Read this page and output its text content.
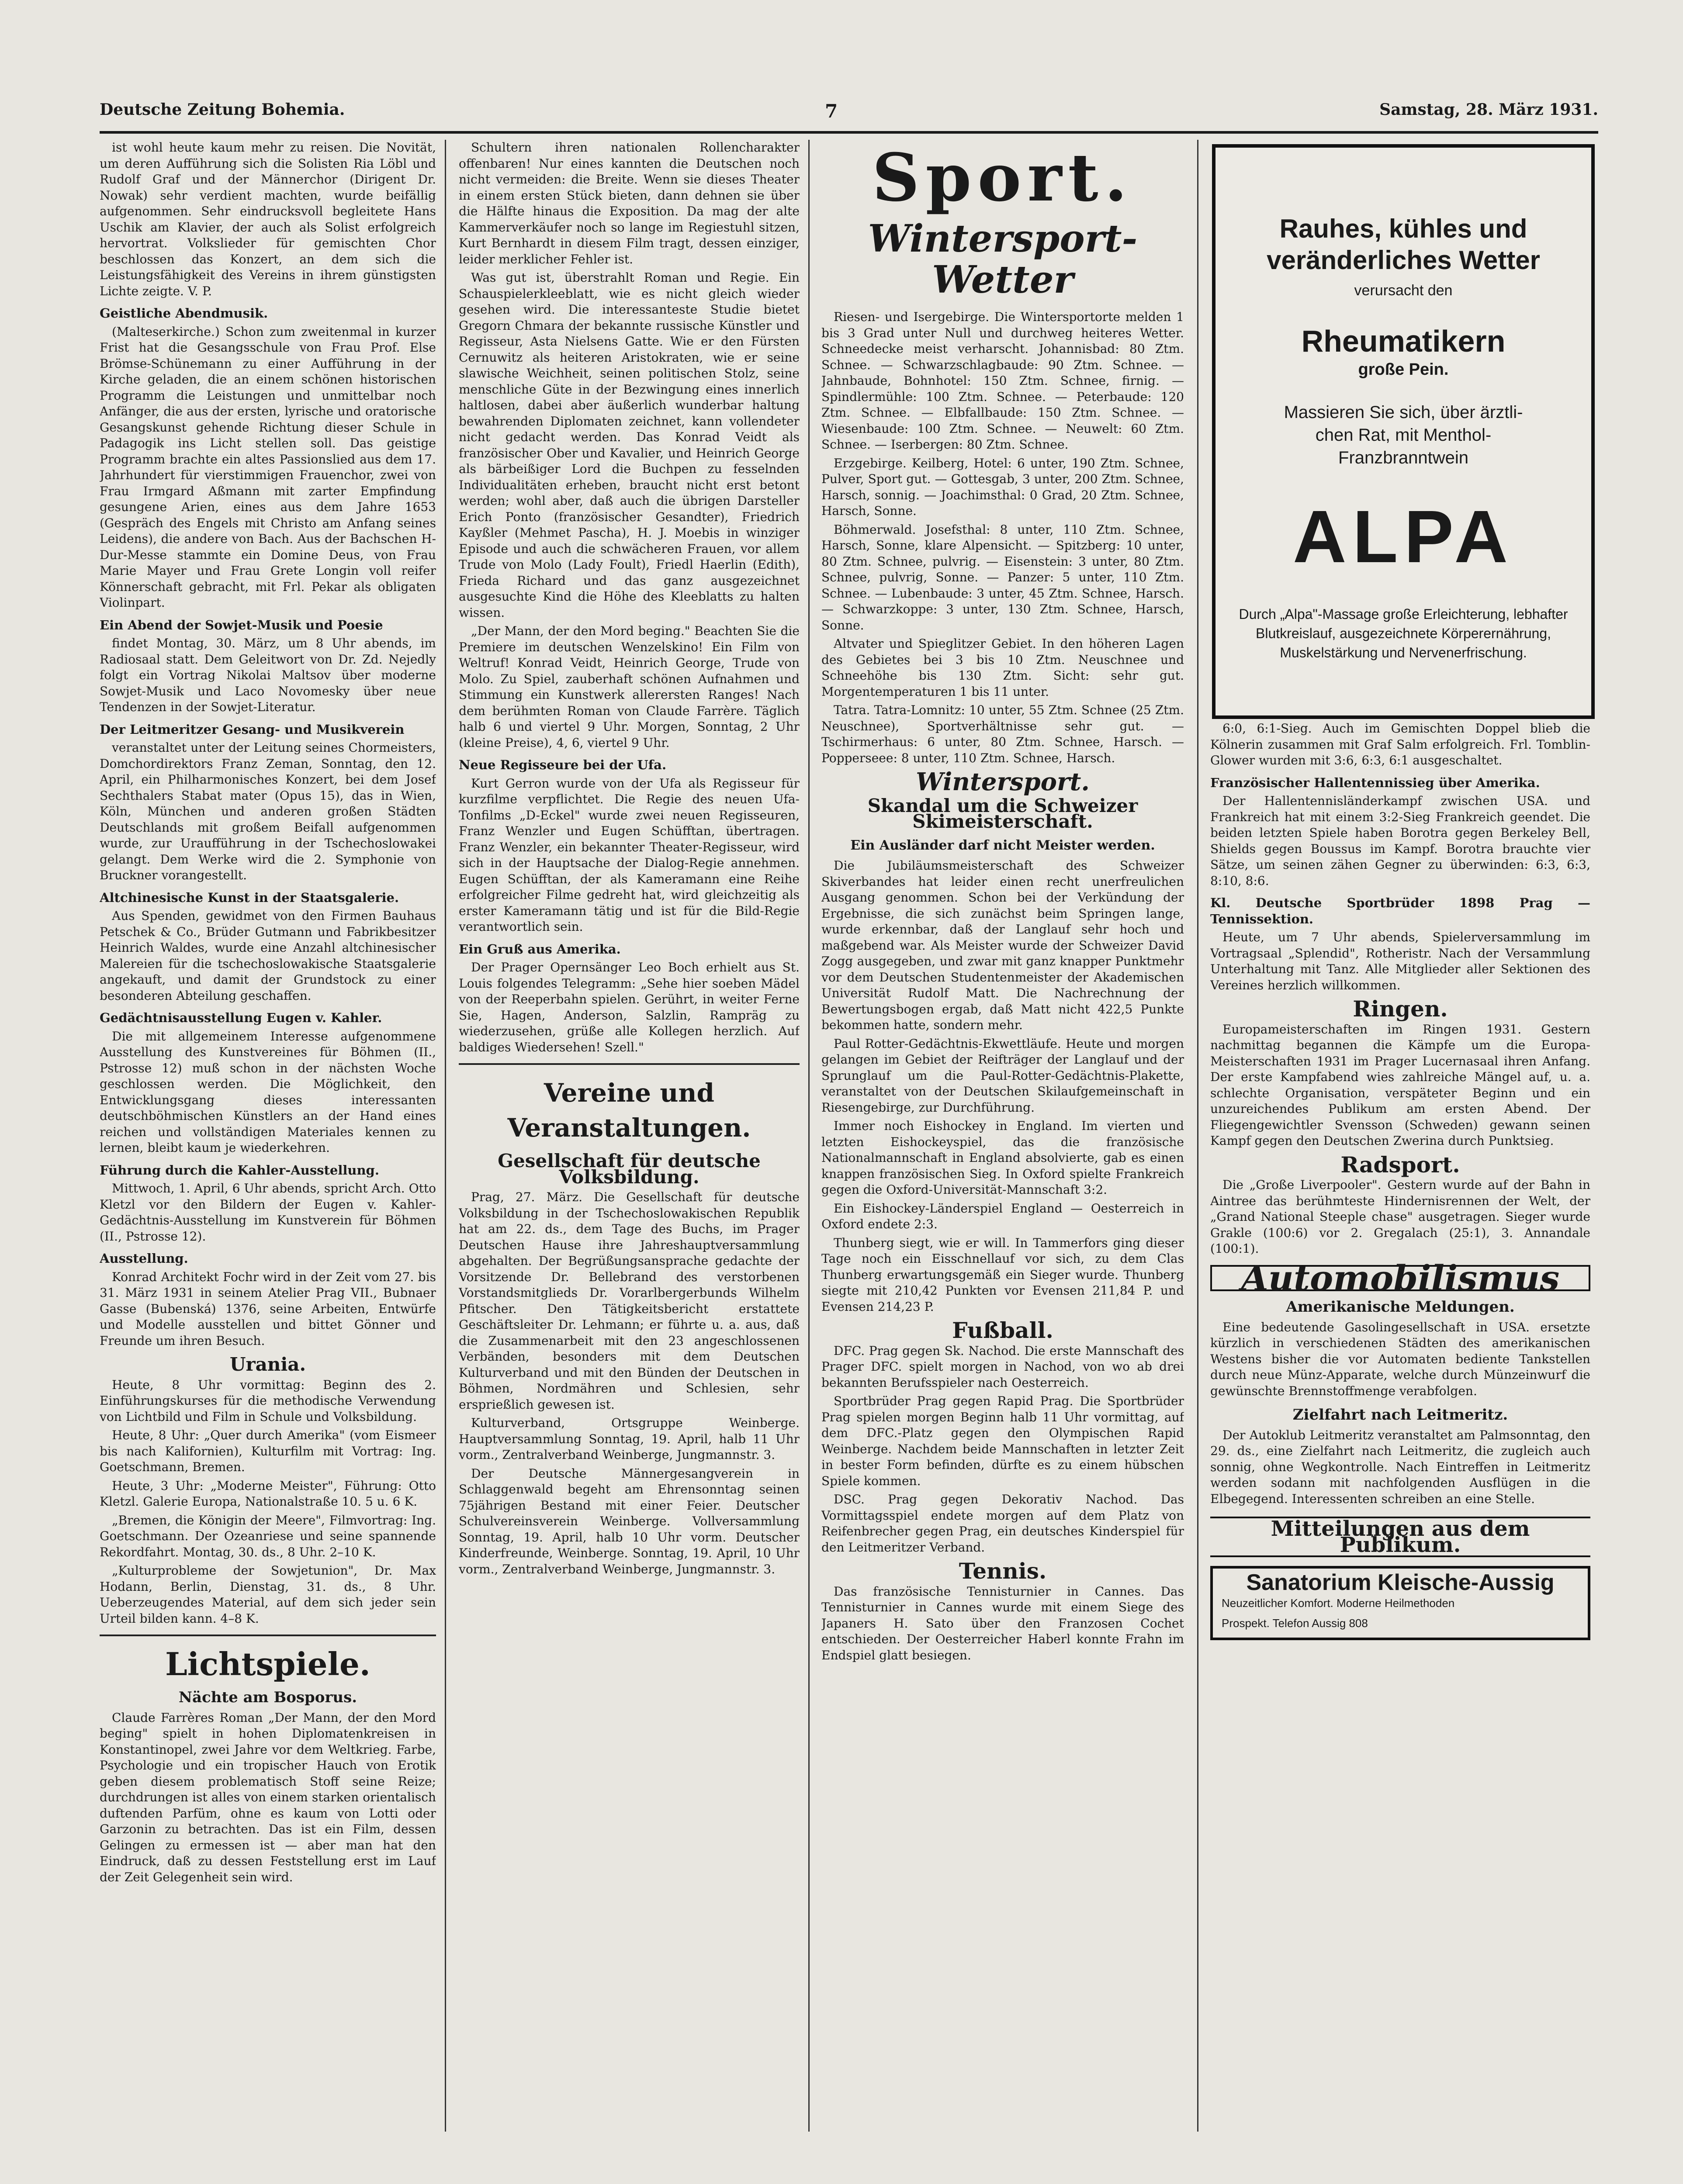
Deutsche Zeitung Bohemia.	7	Samstag, 28. März 1931.

ist wohl heute kaum mehr zu reisen. Die Novität, um deren Aufführung sich die Solisten Ria Löbl und Rudolf Graf und der Männerchor (Dirigent Dr. Nowak) sehr verdient machten, wurde beifällig aufgenommen. Sehr eindrucksvoll begleitete Hans Uschik am Klavier, der auch als Solist erfolgreich hervortrat. Volkslieder für gemischten Chor beschlossen das Konzert, an dem sich die Leistungsfähigkeit des Vereins in ihrem günstigsten Lichte zeigte. V. P.

Geistliche Abendmusik.

(Malteserkirche.) Schon zum zweitenmal in kurzer Frist hat die Gesangsschule von Frau Prof. Else Brömse-Schünemann zu einer Aufführung in der Kirche geladen, die an einem schönen historischen Programm die Leistungen und unmittelbar noch Anfänger, die aus der ersten, lyrische und oratorische Gesangskunst gehende Richtung dieser Schule in Padagogik ins Licht stellen soll. Das geistige Programm brachte ein altes Passionslied aus dem 17. Jahrhundert für vierstimmigen Frauenchor, zwei von Frau Irmgard Aßmann mit zarter Empfindung gesungene Arien, eines aus dem Jahre 1653 (Gespräch des Engels mit Christo am Anfang seines Leidens), die andere von Bach. Aus der Bachschen H-Dur-Messe stammte ein Domine Deus, von Frau Marie Mayer und Frau Grete Longin voll reifer Könnerschaft gebracht, mit Frl. Pekar als obligaten Violinpart.

Ein Abend der Sowjet-Musik und Poesie

findet Montag, 30. März, um 8 Uhr abends, im Radiosaal statt. Dem Geleitwort von Dr. Zd. Nejedly folgt ein Vortrag Nikolai Maltsov über moderne Sowjet-Musik und Laco Novomesky über neue Tendenzen in der Sowjet-Literatur.

Der Leitmeritzer Gesang- und Musikverein

veranstaltet unter der Leitung seines Chormeisters, Domchordirektors Franz Zeman, Sonntag, den 12. April, ein Philharmonisches Konzert, bei dem Josef Sechthalers Stabat mater (Opus 15), das in Wien, Köln, München und anderen großen Städten Deutschlands mit großem Beifall aufgenommen wurde, zur Uraufführung in der Tschechoslowakei gelangt. Dem Werke wird die 2. Symphonie von Bruckner vorangestellt.

Altchinesische Kunst in der Staatsgalerie.

Aus Spenden, gewidmet von den Firmen Bauhaus Petschek & Co., Brüder Gutmann und Fabrikbesitzer Heinrich Waldes, wurde eine Anzahl altchinesischer Malereien für die tschechoslowakische Staatsgalerie angekauft, und damit der Grundstock zu einer besonderen Abteilung geschaffen.

Gedächtnisausstellung Eugen v. Kahler.

Die mit allgemeinem Interesse aufgenommene Ausstellung des Kunstvereines für Böhmen (II., Pstrosse 12) muß schon in der nächsten Woche geschlossen werden. Die Möglichkeit, den Entwicklungsgang dieses interessanten deutschböhmischen Künstlers an der Hand eines reichen und vollständigen Materiales kennen zu lernen, bleibt kaum je wiederkehren.

Führung durch die Kahler-Ausstellung.

Mittwoch, 1. April, 6 Uhr abends, spricht Arch. Otto Kletzl vor den Bildern der Eugen v. Kahler-Gedächtnis-Ausstellung im Kunstverein für Böhmen (II., Pstrosse 12).

Ausstellung.

Konrad Architekt Fochr wird in der Zeit vom 27. bis 31. März 1931 in seinem Atelier Prag VII., Bubnaer Gasse (Bubenská) 1376, seine Arbeiten, Entwürfe und Modelle ausstellen und bittet Gönner und Freunde um ihren Besuch.

Urania.

Heute, 8 Uhr vormittag: Beginn des 2. Einführungskurses für die methodische Verwendung von Lichtbild und Film in Schule und Volksbildung.

Heute, 8 Uhr: „Quer durch Amerika" (vom Eismeer bis nach Kalifornien), Kulturfilm mit Vortrag: Ing. Goetschmann, Bremen.

Heute, 3 Uhr: „Moderne Meister", Führung: Otto Kletzl. Galerie Europa, Nationalstraße 10. 5 u. 6 K.

„Bremen, die Königin der Meere", Filmvortrag: Ing. Goetschmann. Der Ozeanriese und seine spannende Rekordfahrt. Montag, 30. ds., 8 Uhr. 2–10 K.

„Kulturprobleme der Sowjetunion", Dr. Max Hodann, Berlin, Dienstag, 31. ds., 8 Uhr. Ueberzeugendes Material, auf dem sich jeder sein Urteil bilden kann. 4–8 K.

Lichtspiele.
Nächte am Bosporus.

Claude Farrères Roman „Der Mann, der den Mord beging" spielt in hohen Diplomatenkreisen in Konstantinopel, zwei Jahre vor dem Weltkrieg. Farbe, Psychologie und ein tropischer Hauch von Erotik geben diesem problematisch Stoff seine Reize; durchdrungen ist alles von einem starken orientalisch duftenden Parfüm, ohne es kaum von Lotti oder Garzonin zu betrachten. Das ist ein Film, dessen Gelingen zu ermessen ist — aber man hat den Eindruck, daß zu dessen Feststellung erst im Lauf der Zeit Gelegenheit sein wird.

Schultern ihren nationalen Rollencharakter offenbaren! Nur eines kannten die Deutschen noch nicht vermeiden: die Breite. Wenn sie dieses Theater in einem ersten Stück bieten, dann dehnen sie über die Hälfte hinaus die Exposition. Da mag der alte Kammerverkäufer noch so lange im Regiestuhl sitzen, Kurt Bernhardt in diesem Film tragt, dessen einziger, leider merklicher Fehler ist.

Was gut ist, überstrahlt Roman und Regie. Ein Schauspielerkleeblatt, wie es nicht gleich wieder gesehen wird. Die interessanteste Studie bietet Gregorn Chmara der bekannte russische Künstler und Regisseur, Asta Nielsens Gatte. Wie er den Fürsten Cernuwitz als heiteren Aristokraten, wie er seine slawische Weichheit, seinen politischen Stolz, seine menschliche Güte in der Bezwingung eines innerlich haltlosen, dabei aber äußerlich wunderbar haltung bewahrenden Diplomaten zeichnet, kann vollendeter nicht gedacht werden. Das Konrad Veidt als französischer Ober und Kavalier, und Heinrich George als bärbeißiger Lord die Buchpen zu fesselnden Individualitäten erheben, braucht nicht erst betont werden; wohl aber, daß auch die übrigen Darsteller Erich Ponto (französischer Gesandter), Friedrich Kayßler (Mehmet Pascha), H. J. Moebis in winziger Episode und auch die schwächeren Frauen, vor allem Trude von Molo (Lady Foult), Friedl Haerlin (Edith), Frieda Richard und das ganz ausgezeichnet ausgesuchte Kind die Höhe des Kleeblatts zu halten wissen.

„Der Mann, der den Mord beging." Beachten Sie die Premiere im deutschen Wenzelskino! Ein Film von Weltruf! Konrad Veidt, Heinrich George, Trude von Molo. Zu Spiel, zauberhaft schönen Aufnahmen und Stimmung ein Kunstwerk allerersten Ranges! Nach dem berühmten Roman von Claude Farrère. Täglich halb 6 und viertel 9 Uhr. Morgen, Sonntag, 2 Uhr (kleine Preise), 4, 6, viertel 9 Uhr.

Neue Regisseure bei der Ufa.

Kurt Gerron wurde von der Ufa als Regisseur für kurzfilme verpflichtet. Die Regie des neuen Ufa-Tonfilms „D-Eckel" wurde zwei neuen Regisseuren, Franz Wenzler und Eugen Schüfftan, übertragen. Franz Wenzler, ein bekannter Theater-Regisseur, wird sich in der Hauptsache der Dialog-Regie annehmen. Eugen Schüfftan, der als Kameramann eine Reihe erfolgreicher Filme gedreht hat, wird gleichzeitig als erster Kameramann tätig und ist für die Bild-Regie verantwortlich sein.

Ein Gruß aus Amerika.

Der Prager Opernsänger Leo Boch erhielt aus St. Louis folgendes Telegramm: „Sehe hier soeben Mädel von der Reeperbahn spielen. Gerührt, in weiter Ferne Sie, Hagen, Anderson, Salzlin, Rampräg zu wiederzusehen, grüße alle Kollegen herzlich. Auf baldiges Wiedersehen! Szell."

Vereine und Veranstaltungen.
Gesellschaft für deutsche Volksbildung.

Prag, 27. März. Die Gesellschaft für deutsche Volksbildung in der Tschechoslowakischen Republik hat am 22. ds., dem Tage des Buchs, im Prager Deutschen Hause ihre Jahreshauptversammlung abgehalten. Der Begrüßungsansprache gedachte der Vorsitzende Dr. Bellebrand des verstorbenen Vorstandsmitglieds Dr. Vorarlbergerbunds Wilhelm Pfitscher. Den Tätigkeitsbericht erstattete Geschäftsleiter Dr. Lehmann; er führte u. a. aus, daß die Zusammenarbeit mit den 23 angeschlossenen Verbänden, besonders mit dem Deutschen Kulturverband und mit den Bünden der Deutschen in Böhmen, Nordmähren und Schlesien, sehr ersprießlich gewesen ist.

Kulturverband, Ortsgruppe Weinberge. Hauptversammlung Sonntag, 19. April, halb 11 Uhr vorm., Zentralverband Weinberge, Jungmannstr. 3.

Der Deutsche Männergesangverein in Schlaggenwald begeht am Ehrensonntag seinen 75jährigen Bestand mit einer Feier. Deutscher Schulvereinsverein Weinberge. Vollversammlung Sonntag, 19. April, halb 10 Uhr vorm. Deutscher Kinderfreunde, Weinberge. Sonntag, 19. April, 10 Uhr vorm., Zentralverband Weinberge, Jungmannstr. 3.

Sport.
Wintersport-Wetter

Riesen- und Isergebirge. Die Wintersportorte melden 1 bis 3 Grad unter Null und durchweg heiteres Wetter. Schneedecke meist verharscht. Johannisbad: 80 Ztm. Schnee. — Schwarzschlagbaude: 90 Ztm. Schnee. — Jahnbaude, Bohnhotel: 150 Ztm. Schnee, firnig. — Spindlermühle: 100 Ztm. Schnee. — Peterbaude: 120 Ztm. Schnee. — Elbfallbaude: 150 Ztm. Schnee. — Wiesenbaude: 100 Ztm. Schnee. — Neuwelt: 60 Ztm. Schnee. — Iserbergen: 80 Ztm. Schnee.

Erzgebirge. Keilberg, Hotel: 6 unter, 190 Ztm. Schnee, Pulver, Sport gut. — Gottesgab, 3 unter, 200 Ztm. Schnee, Harsch, sonnig. — Joachimsthal: 0 Grad, 20 Ztm. Schnee, Harsch, Sonne.

Böhmerwald. Josefsthal: 8 unter, 110 Ztm. Schnee, Harsch, Sonne, klare Alpensicht. — Spitzberg: 10 unter, 80 Ztm. Schnee, pulvrig. — Eisenstein: 3 unter, 80 Ztm. Schnee, pulvrig, Sonne. — Panzer: 5 unter, 110 Ztm. Schnee. — Lubenbaude: 3 unter, 45 Ztm. Schnee, Harsch. — Schwarzkoppe: 3 unter, 130 Ztm. Schnee, Harsch, Sonne.

Altvater und Spieglitzer Gebiet. In den höheren Lagen des Gebietes bei 3 bis 10 Ztm. Neuschnee und Schneehöhe bis 130 Ztm. Sicht: sehr gut. Morgentemperaturen 1 bis 11 unter.

Tatra. Tatra-Lomnitz: 10 unter, 55 Ztm. Schnee (25 Ztm. Neuschnee), Sportverhältnisse sehr gut. — Tschirmerhaus: 6 unter, 80 Ztm. Schnee, Harsch. — Popperseee: 8 unter, 110 Ztm. Schnee, Harsch.

Wintersport.
Skandal um die Schweizer Skimeisterschaft.
Ein Ausländer darf nicht Meister werden.

Die Jubiläumsmeisterschaft des Schweizer Skiverbandes hat leider einen recht unerfreulichen Ausgang genommen. Schon bei der Verkündung der Ergebnisse, die sich zunächst beim Springen lange, wurde erkennbar, daß der Langlauf sehr hoch und maßgebend war. Als Meister wurde der Schweizer David Zogg ausgegeben, und zwar mit ganz knapper Punktmehr vor dem Deutschen Studentenmeister der Akademischen Universität Rudolf Matt. Die Nachrechnung der Bewertungsbogen ergab, daß Matt nicht 422,5 Punkte bekommen hatte, sondern mehr.

Paul Rotter-Gedächtnis-Ekwettläufe. Heute und morgen gelangen im Gebiet der Reifträger der Langlauf und der Sprunglauf um die Paul-Rotter-Gedächtnis-Plakette, veranstaltet von der Deutschen Skilaufgemeinschaft in Riesengebirge, zur Durchführung.

Immer noch Eishockey in England. Im vierten und letzten Eishockeyspiel, das die französische Nationalmannschaft in England absolvierte, gab es einen knappen französischen Sieg. In Oxford spielte Frankreich gegen die Oxford-Universität-Mannschaft 3:2.

Ein Eishockey-Länderspiel England — Oesterreich in Oxford endete 2:3.

Thunberg siegt, wie er will. In Tammerfors ging dieser Tage noch ein Eisschnellauf vor sich, zu dem Clas Thunberg erwartungsgemäß ein Sieger wurde. Thunberg siegte mit 210,42 Punkten vor Evensen 211,84 P. und Evensen 214,23 P.

Fußball.

DFC. Prag gegen Sk. Nachod. Die erste Mannschaft des Prager DFC. spielt morgen in Nachod, von wo ab drei bekannten Berufsspieler nach Oesterreich.

Sportbrüder Prag gegen Rapid Prag. Die Sportbrüder Prag spielen morgen Beginn halb 11 Uhr vormittag, auf dem DFC.-Platz gegen den Olympischen Rapid Weinberge. Nachdem beide Mannschaften in letzter Zeit in bester Form befinden, dürfte es zu einem hübschen Spiele kommen.

DSC. Prag gegen Dekorativ Nachod. Das Vormittagsspiel endete morgen auf dem Platz von Reifenbrecher gegen Prag, ein deutsches Kinderspiel für den Leitmeritzer Verband.

Tennis.

Das französische Tennisturnier in Cannes. Das Tennisturnier in Cannes wurde mit einem Siege des Japaners H. Sato über den Franzosen Cochet entschieden. Der Oesterreicher Haberl konnte Frahn im Endspiel glatt besiegen.

Rauhes, kühles und
veränderliches Wetter
verursacht den
Rheumatikern
große Pein.
Massieren Sie sich, über ärztli-
chen Rat, mit Menthol-
Franzbranntwein
ALPA
Durch „Alpa"-Massage große Erleichterung, lebhafter Blutkreislauf, ausgezeichnete Körperernährung, Muskelstärkung und Nervenerfrischung.

6:0, 6:1-Sieg. Auch im Gemischten Doppel blieb die Kölnerin zusammen mit Graf Salm erfolgreich. Frl. Tomblin-Glower wurden mit 3:6, 6:3, 6:1 ausgeschaltet.

Französischer Hallentennissieg über Amerika.

Der Hallentennisländerkampf zwischen USA. und Frankreich hat mit einem 3:2-Sieg Frankreich geendet. Die beiden letzten Spiele haben Borotra gegen Berkeley Bell, Shields gegen Boussus im Kampf. Borotra brauchte vier Sätze, um seinen zähen Gegner zu überwinden: 6:3, 6:3, 8:10, 8:6.

Kl. Deutsche Sportbrüder 1898 Prag — Tennissektion.

Heute, um 7 Uhr abends, Spielerversammlung im Vortragsaal „Splendid", Rotheristr. Nach der Versammlung Unterhaltung mit Tanz. Alle Mitglieder aller Sektionen des Vereines herzlich willkommen.

Ringen.

Europameisterschaften im Ringen 1931. Gestern nachmittag begannen die Kämpfe um die Europa-Meisterschaften 1931 im Prager Lucernasaal ihren Anfang. Der erste Kampfabend wies zahlreiche Mängel auf, u. a. schlechte Organisation, verspäteter Beginn und ein unzureichendes Publikum am ersten Abend. Der Fliegengewichtler Svensson (Schweden) gewann seinen Kampf gegen den Deutschen Zwerina durch Punktsieg.

Radsport.

Die „Große Liverpooler". Gestern wurde auf der Bahn in Aintree das berühmteste Hindernisrennen der Welt, der „Grand National Steeple chase" ausgetragen. Sieger wurde Grakle (100:6) vor 2. Gregalach (25:1), 3. Annandale (100:1).

Automobilismus
Amerikanische Meldungen.

Eine bedeutende Gasolingesellschaft in USA. ersetzte kürzlich in verschiedenen Städten des amerikanischen Westens bisher die vor Automaten bediente Tankstellen durch neue Münz-Apparate, welche durch Münzeinwurf die gewünschte Brennstoffmenge verabfolgen.

Zielfahrt nach Leitmeritz.

Der Autoklub Leitmeritz veranstaltet am Palmsonntag, den 29. ds., eine Zielfahrt nach Leitmeritz, die zugleich auch sonnig, ohne Wegkontrolle. Nach Eintreffen in Leitmeritz werden sodann mit nachfolgenden Ausflügen in die Elbegegend. Interessenten schreiben an eine Stelle.

Mitteilungen aus dem Publikum.
Sanatorium Kleische-Aussig
Neuzeitlicher Komfort. Moderne Heilmethoden
Prospekt. Telefon Aussig 808
